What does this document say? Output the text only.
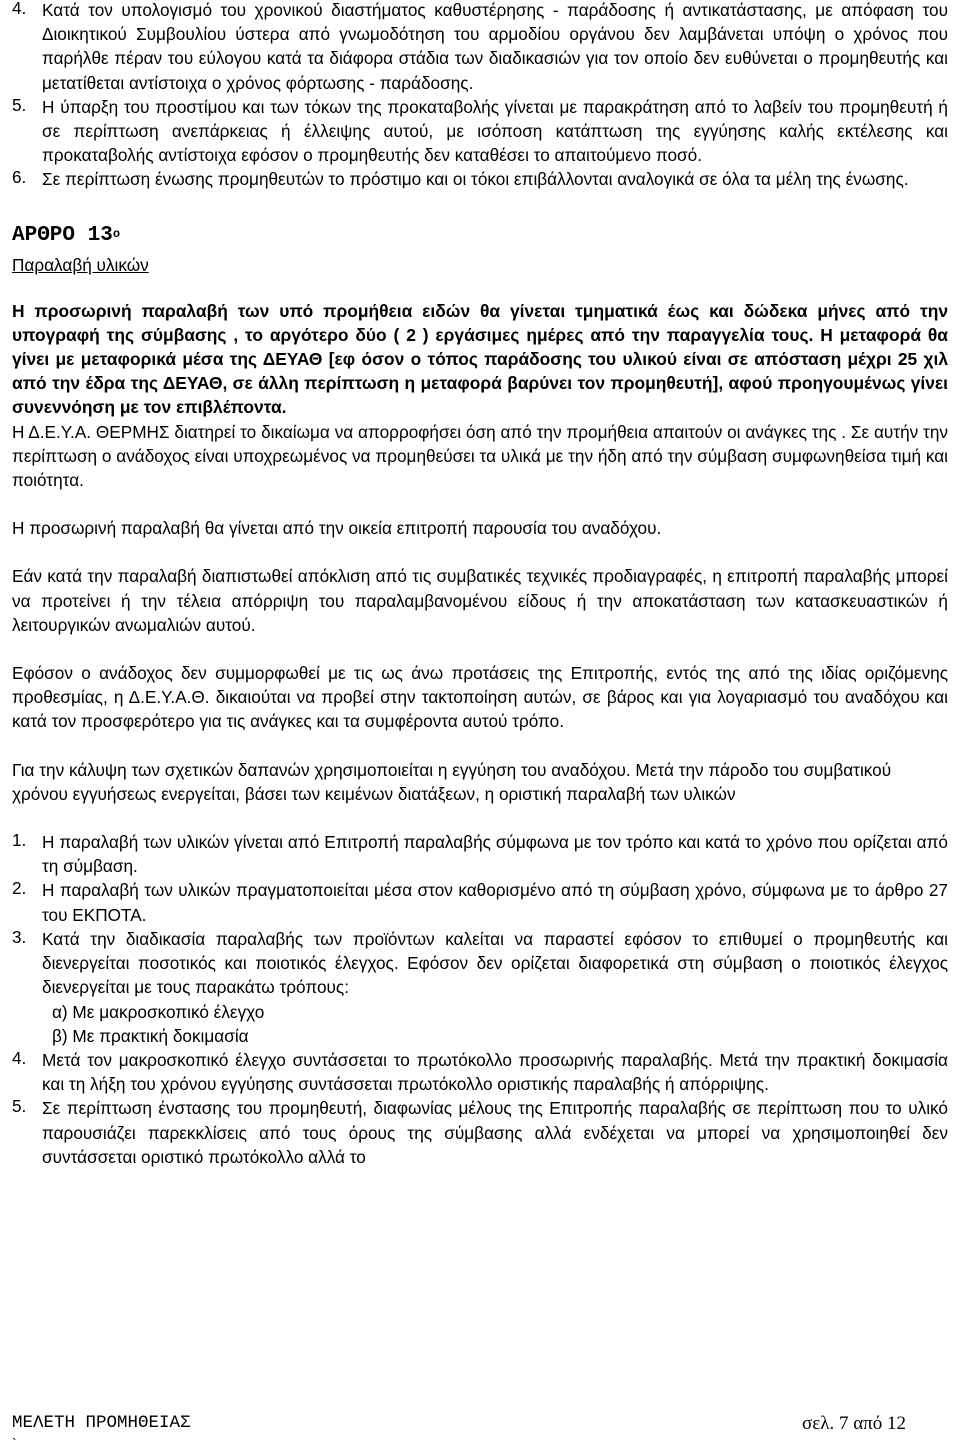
4. Κατά τον υπολογισμό του χρονικού διαστήματος καθυστέρησης - παράδοσης ή αντικατάστασης, με απόφαση του Διοικητικού Συμβουλίου ύστερα από γνωμοδότηση του αρμοδίου οργάνου δεν λαμβάνεται υπόψη ο χρόνος που παρήλθε πέραν του εύλογου κατά τα διάφορα στάδια των διαδικασιών για τον οποίο δεν ευθύνεται ο προμηθευτής και μετατίθεται αντίστοιχα ο χρόνος φόρτωσης - παράδοσης.
5. Η ύπαρξη του προστίμου και των τόκων της προκαταβολής γίνεται με παρακράτηση από το λαβείν του προμηθευτή ή σε περίπτωση ανεπάρκειας ή έλλειψης αυτού, με ισόποση κατάπτωση της εγγύησης καλής εκτέλεσης και προκαταβολής αντίστοιχα εφόσον ο προμηθευτής δεν καταθέσει το απαιτούμενο ποσό.
6. Σε περίπτωση ένωσης προμηθευτών το πρόστιμο και οι τόκοι επιβάλλονται αναλογικά σε όλα τα μέλη της ένωσης.
ΑΡΘΡΟ $13^o$
Παραλαβή υλικών

Η προσωρινή παραλαβή των υπό προμήθεια ειδών θα γίνεται τμηματικά έως και δώδεκα μήνες από την υπογραφή της σύμβασης , το αργότερο δύο ( 2 ) εργάσιμες ημέρες από την παραγγελία τους. Η μεταφορά θα γίνει με μεταφορικά μέσα της ΔΕΥΑΘ [εφ όσον ο τόπος παράδοσης του υλικού είναι σε απόσταση μέχρι 25 χιλ από την έδρα της ΔΕΥΑΘ, σε άλλη περίπτωση η μεταφορά βαρύνει τον προμηθευτή], αφού προηγουμένως γίνει συνεννόηση με τον επιβλέποντα.

Η Δ.Ε.Υ.Α. ΘΕΡΜΗΣ διατηρεί το δικαίωμα να απορροφήσει όση από την προμήθεια απαιτούν οι ανάγκες της . Σε αυτήν την περίπτωση ο ανάδοχος είναι υποχρεωμένος να προμηθεύσει τα υλικά με την ήδη από την σύμβαση συμφωνηθείσα τιμή και ποιότητα.

Η προσωρινή παραλαβή θα γίνεται από την οικεία επιτροπή παρουσία του αναδόχου.

Εάν κατά την παραλαβή διαπιστωθεί απόκλιση από τις συμβατικές τεχνικές προδιαγραφές, η επιτροπή παραλαβής μπορεί να προτείνει ή την τέλεια απόρριψη του παραλαμβανομένου είδους ή την αποκατάσταση των κατασκευαστικών ή λειτουργικών ανωμαλιών αυτού.

Εφόσον ο ανάδοχος δεν συμμορφωθεί με τις ως άνω προτάσεις της Επιτροπής, εντός της από της ιδίας οριζόμενης προθεσμίας, η Δ.Ε.Υ.Α.Θ. δικαιούται να προβεί στην τακτοποίηση αυτών, σε βάρος και για λογαριασμό του αναδόχου και κατά τον προσφερότερο για τις ανάγκες και τα συμφέροντα αυτού τρόπο.

Για την κάλυψη των σχετικών δαπανών χρησιμοποιείται η εγγύηση του αναδόχου. Μετά την πάροδο του συμβατικού χρόνου εγγυήσεως ενεργείται, βάσει των κειμένων διατάξεων, η οριστική παραλαβή των υλικών

1. Η παραλαβή των υλικών γίνεται από Επιτροπή παραλαβής σύμφωνα με τον τρόπο και κατά το χρόνο που ορίζεται από τη σύμβαση.
2. Η παραλαβή των υλικών πραγματοποιείται μέσα στον καθορισμένο από τη σύμβαση χρόνο, σύμφωνα με το άρθρο 27 του ΕΚΠΟΤΑ.
3. Κατά την διαδικασία παραλαβής των προϊόντων καλείται να παραστεί εφόσον το επιθυμεί ο προμηθευτής και διενεργείται ποσοτικός και ποιοτικός έλεγχος. Εφόσον δεν ορίζεται διαφορετικά στη σύμβαση ο ποιοτικός έλεγχος διενεργείται με τους παρακάτω τρόπους:
α) Με μακροσκοπικό έλεγχο
β) Με πρακτική δοκιμασία
4. Μετά τον μακροσκοπικό έλεγχο συντάσσεται το πρωτόκολλο προσωρινής παραλαβής. Μετά την πρακτική δοκιμασία και τη λήξη του χρόνου εγγύησης συντάσσεται πρωτόκολλο οριστικής παραλαβής ή απόρριψης.
5. Σε περίπτωση ένστασης του προμηθευτή, διαφωνίας μέλους της Επιτροπής παραλαβής σε περίπτωση που το υλικό παρουσιάζει παρεκκλίσεις από τους όρους της σύμβασης αλλά ενδέχεται να μπορεί να χρησιμοποιηθεί δεν συντάσσεται οριστικό πρωτόκολλο αλλά το
ΜΕΛΕΤΗ ΠΡΟΜΗΘΕΙΑΣ	σελ. 7 από 12
`
